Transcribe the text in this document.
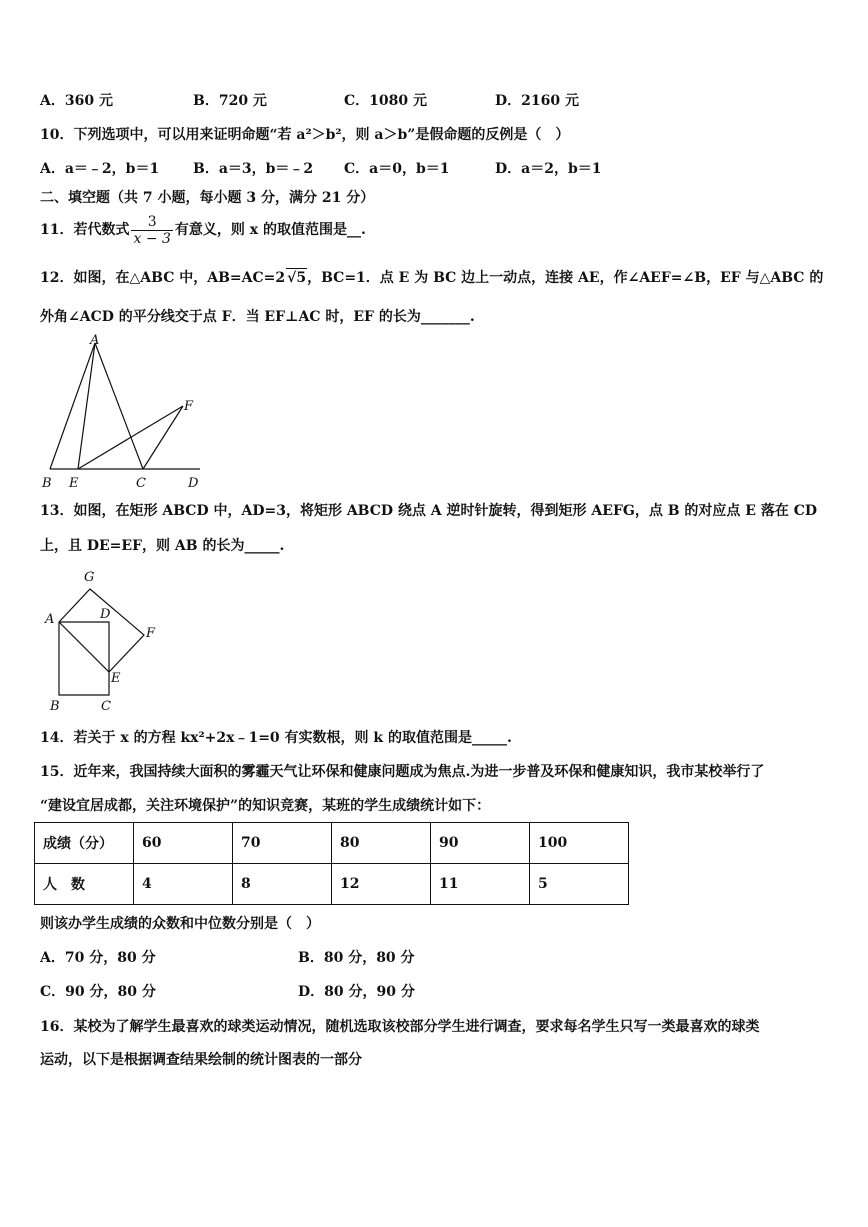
A．360 元	B．720 元	C．1080 元	D．2160 元
10．下列选项中，可以用来证明命题“若 a²＞b²，则 a＞b”是假命题的反例是（　）
A．a＝﹣2，b＝1 B．a＝3，b＝﹣2 C．a＝0，b＝1	D．a＝2，b＝1
二、填空题（共 7 小题，每小题 3 分，满分 21 分）
11．若代数式 $\frac{3}{x - 3}$ 有意义，则 x 的取值范围是__.
12．如图，在△ABC 中，AB=AC=2 √5，BC=1．点 E 为 BC 边上一动点，连接 AE，作∠AEF=∠B，EF 与△ABC 的
外角∠ACD 的平分线交于点 F．当 EF⊥AC 时，EF 的长为_______.
A
B E	C	D
F
13．如图，在矩形 ABCD 中，AD=3，将矩形 ABCD 绕点 A 逆时针旋转，得到矩形 AEFG，点 B 的对应点 E 落在 CD
上，且 DE=EF，则 AB 的长为_____.
G
A	D
F
E
B	C
14．若关于 x 的方程 kx²+2x﹣1=0 有实数根，则 k 的取值范围是_____.
15．近年来，我国持续大面积的雾霾天气让环保和健康问题成为焦点.为进一步普及环保和健康知识，我市某校举行了
“建设宜居成都，关注环境保护”的知识竞赛，某班的学生成绩统计如下：
成绩（分）	60	70	80	90	100
人　数	4	8	12	11	5
则该办学生成绩的众数和中位数分别是（　）
A．70 分，80 分	B．80 分，80 分
C．90 分，80 分	D．80 分，90 分
16．某校为了解学生最喜欢的球类运动情况，随机选取该校部分学生进行调查，要求每名学生只写一类最喜欢的球类
运动，以下是根据调查结果绘制的统计图表的一部分
